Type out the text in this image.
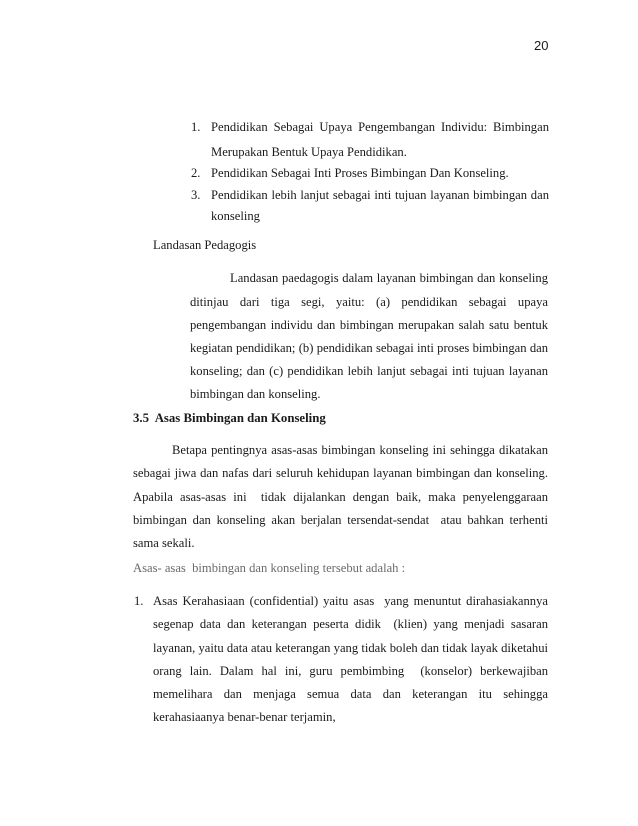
20
1. Pendidikan Sebagai Upaya Pengembangan Individu: Bimbingan
Merupakan Bentuk Upaya Pendidikan.
2. Pendidikan Sebagai Inti Proses Bimbingan Dan Konseling.
3. Pendidikan lebih lanjut sebagai inti tujuan layanan bimbingan dan
konseling
Landasan Pedagogis
Landasan paedagogis dalam layanan bimbingan dan konseling
ditinjau dari tiga segi, yaitu: (a) pendidikan sebagai upaya
pengembangan individu dan bimbingan merupakan salah satu bentuk
kegiatan pendidikan; (b) pendidikan sebagai inti proses bimbingan dan
konseling; dan (c) pendidikan lebih lanjut sebagai inti tujuan layanan
bimbingan dan konseling.
3.5  Asas Bimbingan dan Konseling
Betapa pentingnya asas-asas bimbingan konseling ini sehingga dikatakan
sebagai jiwa dan nafas dari seluruh kehidupan layanan bimbingan dan konseling.
Apabila asas-asas ini  tidak dijalankan dengan baik, maka penyelenggaraan
bimbingan dan konseling akan berjalan tersendat-sendat  atau bahkan terhenti
sama sekali.
Asas- asas  bimbingan dan konseling tersebut adalah :
1. Asas Kerahasiaan (confidential) yaitu asas  yang menuntut dirahasiakannya
segenap data dan keterangan peserta didik  (klien) yang menjadi sasaran
layanan, yaitu data atau keterangan yang tidak boleh dan tidak layak diketahui
orang lain. Dalam hal ini, guru pembimbing  (konselor) berkewajiban
memelihara dan menjaga semua data dan keterangan itu sehingga
kerahasiaanya benar-benar terjamin,
